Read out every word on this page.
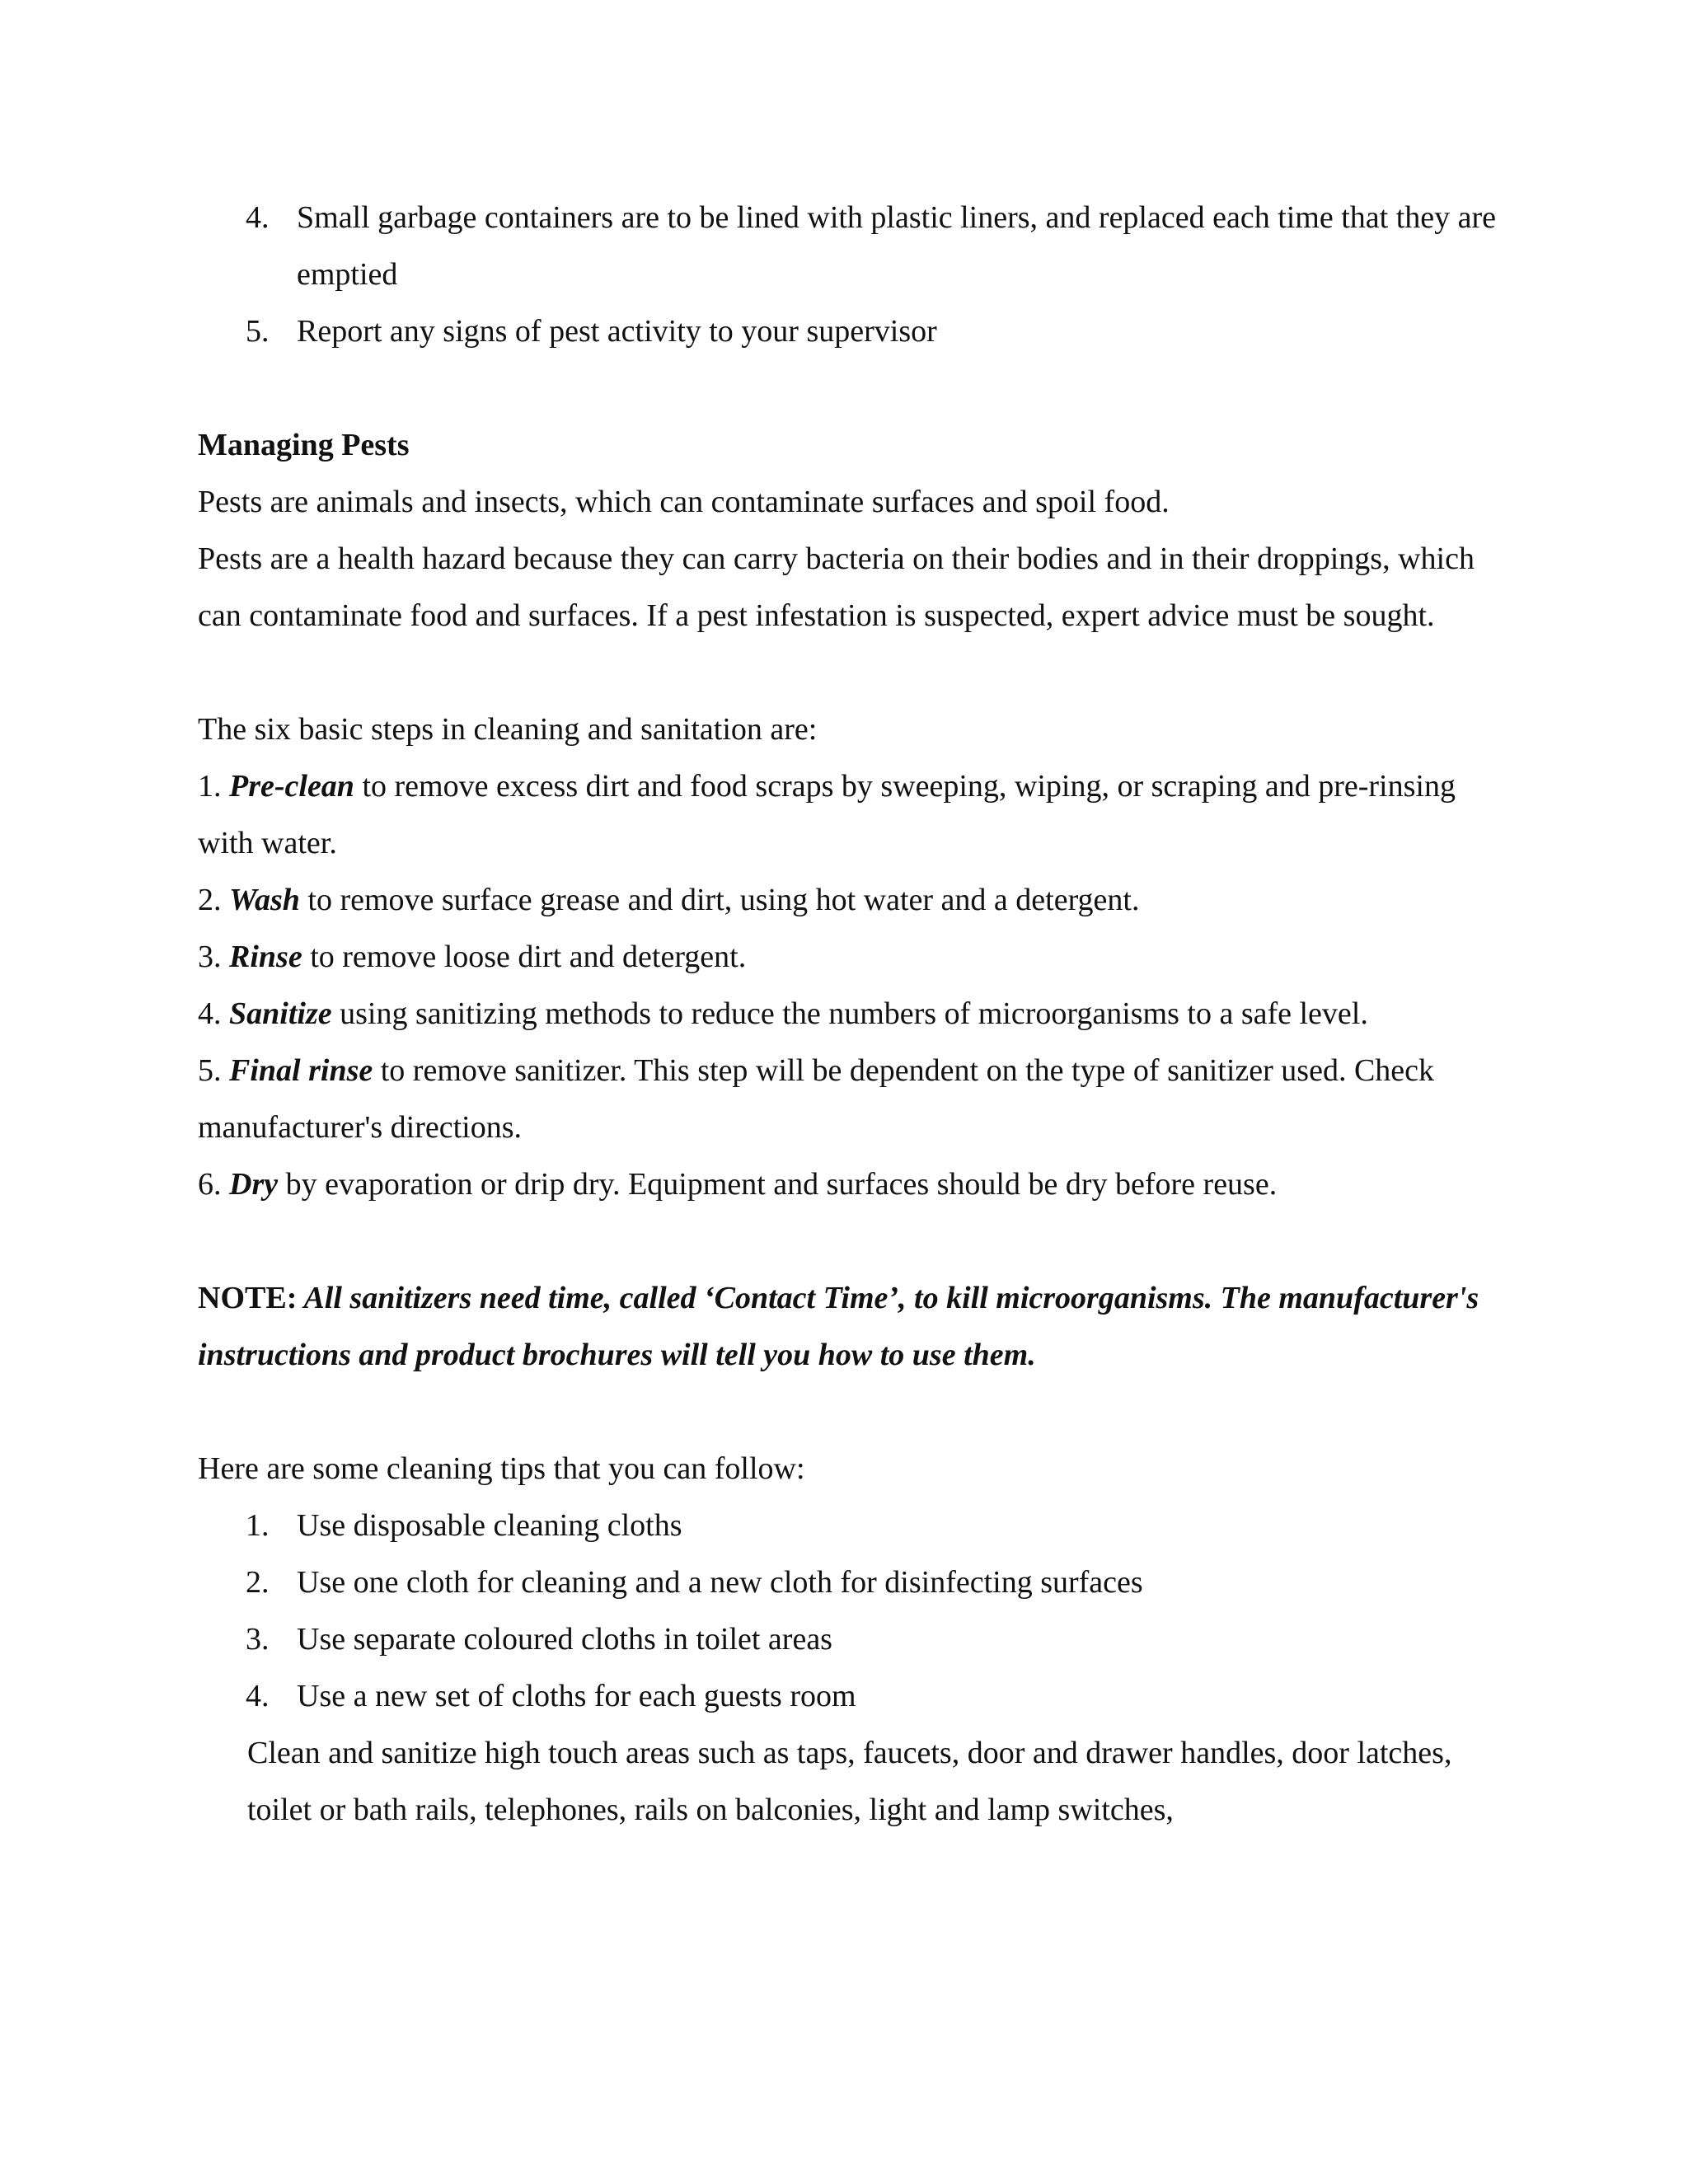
4. Small garbage containers are to be lined with plastic liners, and replaced each time that they are emptied
5. Report any signs of pest activity to your supervisor
Managing Pests
Pests are animals and insects, which can contaminate surfaces and spoil food.
Pests are a health hazard because they can carry bacteria on their bodies and in their droppings, which can contaminate food and surfaces. If a pest infestation is suspected, expert advice must be sought.
The six basic steps in cleaning and sanitation are:
1. Pre-clean to remove excess dirt and food scraps by sweeping, wiping, or scraping and pre-rinsing with water.
2. Wash to remove surface grease and dirt, using hot water and a detergent.
3. Rinse to remove loose dirt and detergent.
4. Sanitize using sanitizing methods to reduce the numbers of microorganisms to a safe level.
5. Final rinse to remove sanitizer. This step will be dependent on the type of sanitizer used. Check manufacturer's directions.
6. Dry by evaporation or drip dry. Equipment and surfaces should be dry before reuse.
NOTE: All sanitizers need time, called ‘Contact Time’, to kill microorganisms. The manufacturer's instructions and product brochures will tell you how to use them.
Here are some cleaning tips that you can follow:
1. Use disposable cleaning cloths
2. Use one cloth for cleaning and a new cloth for disinfecting surfaces
3. Use separate coloured cloths in toilet areas
4. Use a new set of cloths for each guests room
Clean and sanitize high touch areas such as taps, faucets, door and drawer handles, door latches, toilet or bath rails, telephones, rails on balconies, light and lamp switches,
